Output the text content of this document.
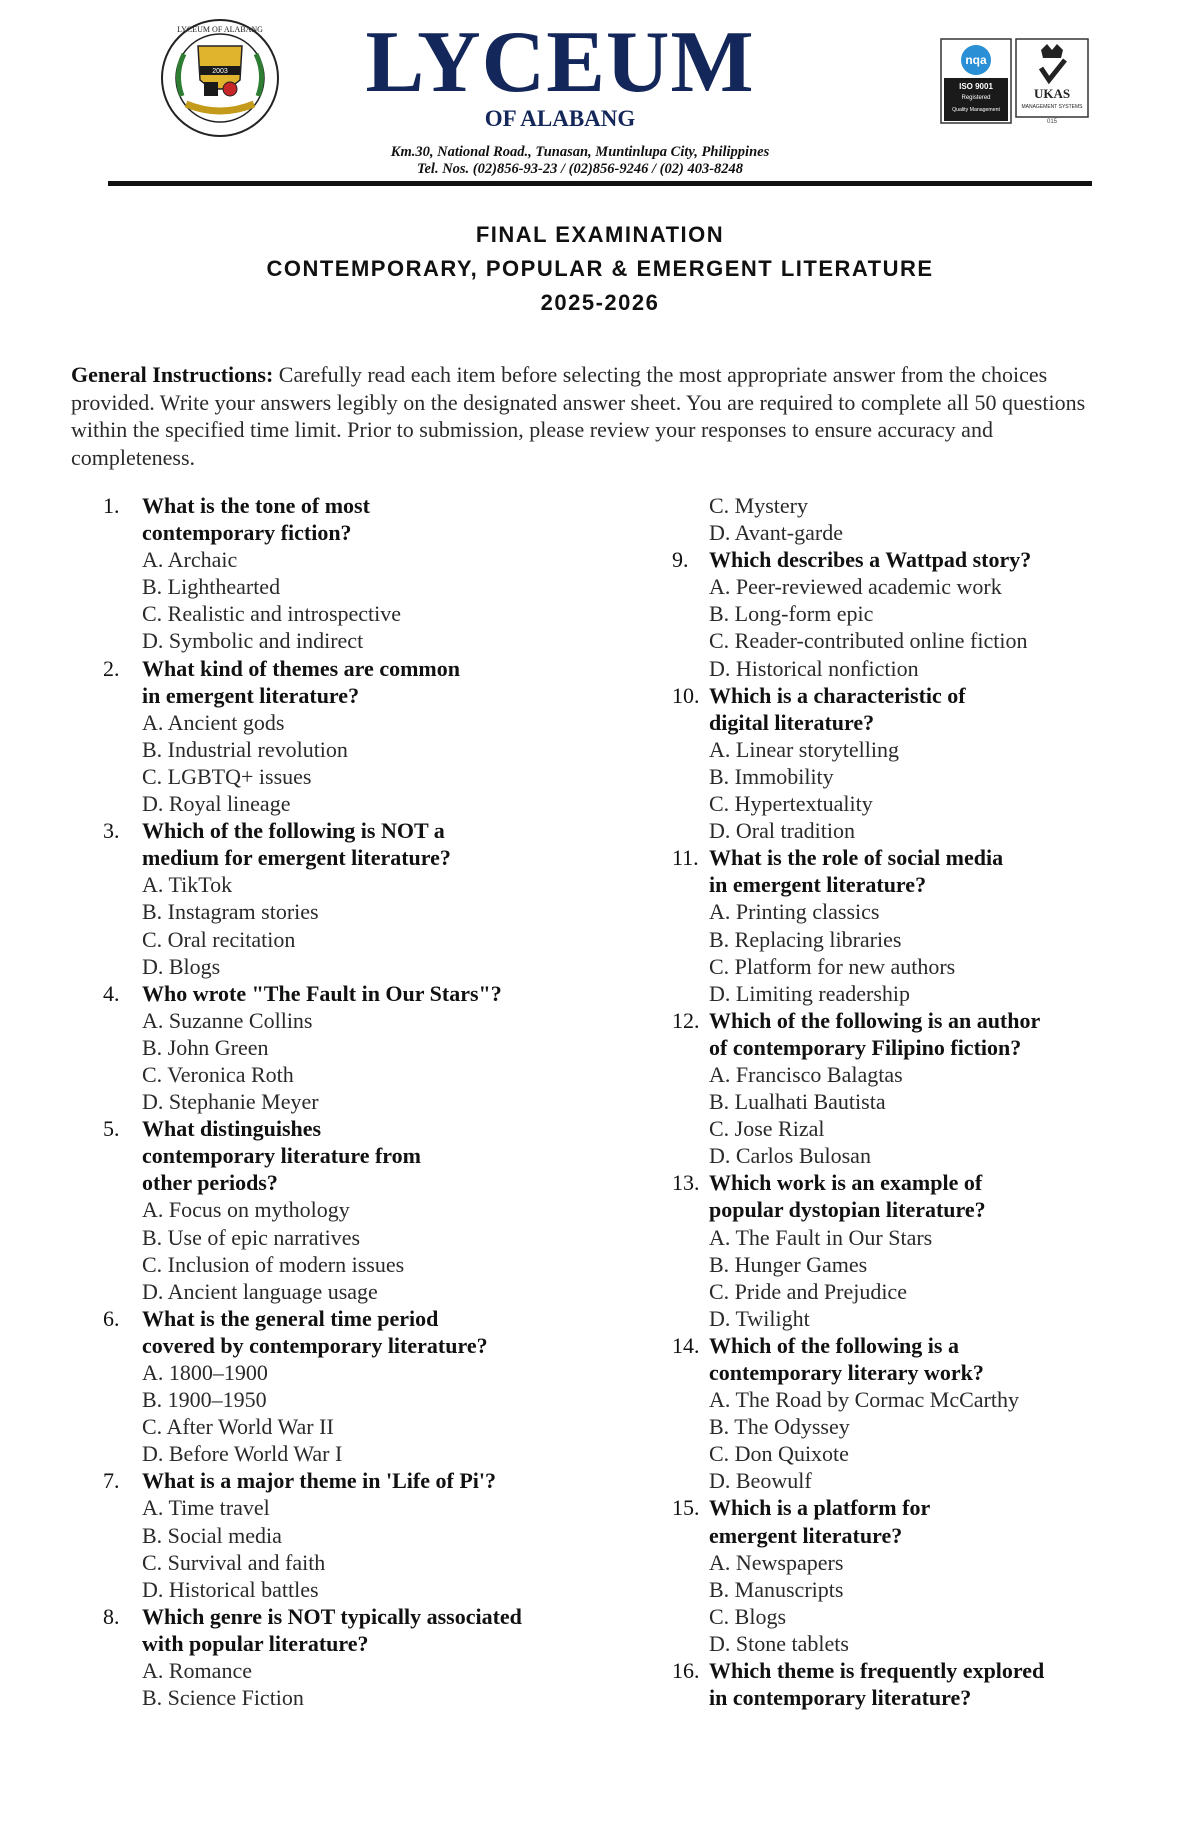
LYCEUM OF ALABANG
2003	LYCEUM
OF ALABANG
Km.30, National Road., Tunasan, Muntinlupa City, Philippines
Tel. Nos. (02)856-93-23 / (02)856-9246 / (02) 403-8248
nqa
ISO 9001
Registered
Quality Management
UKAS
MANAGEMENT SYSTEMS
015
FINAL EXAMINATION
CONTEMPORARY, POPULAR & EMERGENT LITERATURE
2025-2026
General Instructions: Carefully read each item before selecting the most appropriate answer from the choices provided. Write your answers legibly on the designated answer sheet. You are required to complete all 50 questions within the specified time limit. Prior to submission, please review your responses to ensure accuracy and completeness.
1. What is the tone of most
contemporary fiction?
A. Archaic
B. Lighthearted
C. Realistic and introspective
D. Symbolic and indirect
2. What kind of themes are common
in emergent literature?
A. Ancient gods
B. Industrial revolution
C. LGBTQ+ issues
D. Royal lineage
3. Which of the following is NOT a
medium for emergent literature?
A. TikTok
B. Instagram stories
C. Oral recitation
D. Blogs
4. Who wrote "The Fault in Our Stars"?
A. Suzanne Collins
B. John Green
C. Veronica Roth
D. Stephanie Meyer
5. What distinguishes
contemporary literature from
other periods?
A. Focus on mythology
B. Use of epic narratives
C. Inclusion of modern issues
D. Ancient language usage
6. What is the general time period
covered by contemporary literature?
A. 1800–1900
B. 1900–1950
C. After World War II
D. Before World War I
7. What is a major theme in 'Life of Pi'?
A. Time travel
B. Social media
C. Survival and faith
D. Historical battles
8. Which genre is NOT typically associated
with popular literature?
A. Romance
B. Science Fiction
C. Mystery
D. Avant-garde
9. Which describes a Wattpad story?
A. Peer-reviewed academic work
B. Long-form epic
C. Reader-contributed online fiction
D. Historical nonfiction
10. Which is a characteristic of
digital literature?
A. Linear storytelling
B. Immobility
C. Hypertextuality
D. Oral tradition
11. What is the role of social media
in emergent literature?
A. Printing classics
B. Replacing libraries
C. Platform for new authors
D. Limiting readership
12. Which of the following is an author
of contemporary Filipino fiction?
A. Francisco Balagtas
B. Lualhati Bautista
C. Jose Rizal
D. Carlos Bulosan
13. Which work is an example of
popular dystopian literature?
A. The Fault in Our Stars
B. Hunger Games
C. Pride and Prejudice
D. Twilight
14. Which of the following is a
contemporary literary work?
A. The Road by Cormac McCarthy
B. The Odyssey
C. Don Quixote
D. Beowulf
15. Which is a platform for
emergent literature?
A. Newspapers
B. Manuscripts
C. Blogs
D. Stone tablets
16. Which theme is frequently explored
in contemporary literature?
